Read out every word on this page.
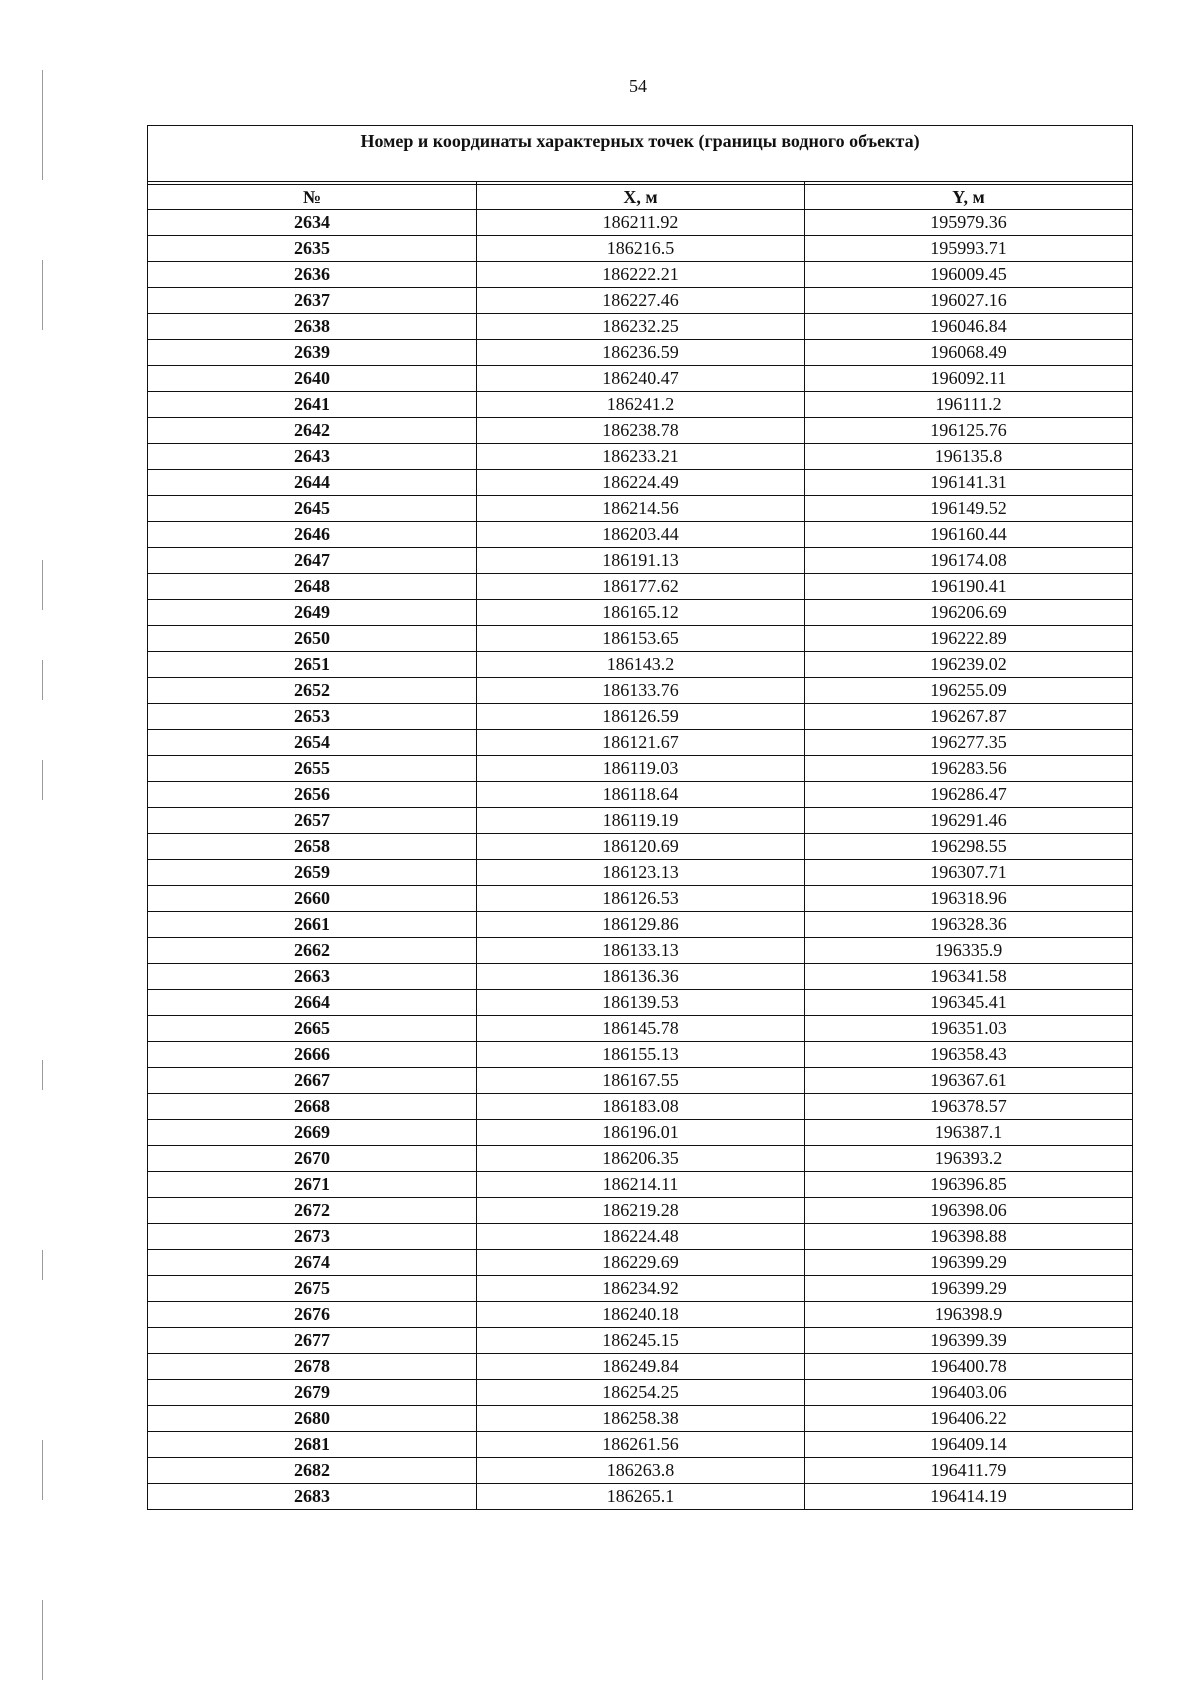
54
Номер и координаты характерных точек (границы водного объекта)		

№	X, м	Y, м
2634	186211.92	195979.36
2635	186216.5	195993.71
2636	186222.21	196009.45
2637	186227.46	196027.16
2638	186232.25	196046.84
2639	186236.59	196068.49
2640	186240.47	196092.11
2641	186241.2	196111.2
2642	186238.78	196125.76
2643	186233.21	196135.8
2644	186224.49	196141.31
2645	186214.56	196149.52
2646	186203.44	196160.44
2647	186191.13	196174.08
2648	186177.62	196190.41
2649	186165.12	196206.69
2650	186153.65	196222.89
2651	186143.2	196239.02
2652	186133.76	196255.09
2653	186126.59	196267.87
2654	186121.67	196277.35
2655	186119.03	196283.56
2656	186118.64	196286.47
2657	186119.19	196291.46
2658	186120.69	196298.55
2659	186123.13	196307.71
2660	186126.53	196318.96
2661	186129.86	196328.36
2662	186133.13	196335.9
2663	186136.36	196341.58
2664	186139.53	196345.41
2665	186145.78	196351.03
2666	186155.13	196358.43
2667	186167.55	196367.61
2668	186183.08	196378.57
2669	186196.01	196387.1
2670	186206.35	196393.2
2671	186214.11	196396.85
2672	186219.28	196398.06
2673	186224.48	196398.88
2674	186229.69	196399.29
2675	186234.92	196399.29
2676	186240.18	196398.9
2677	186245.15	196399.39
2678	186249.84	196400.78
2679	186254.25	196403.06
2680	186258.38	196406.22
2681	186261.56	196409.14
2682	186263.8	196411.79
2683	186265.1	196414.19
